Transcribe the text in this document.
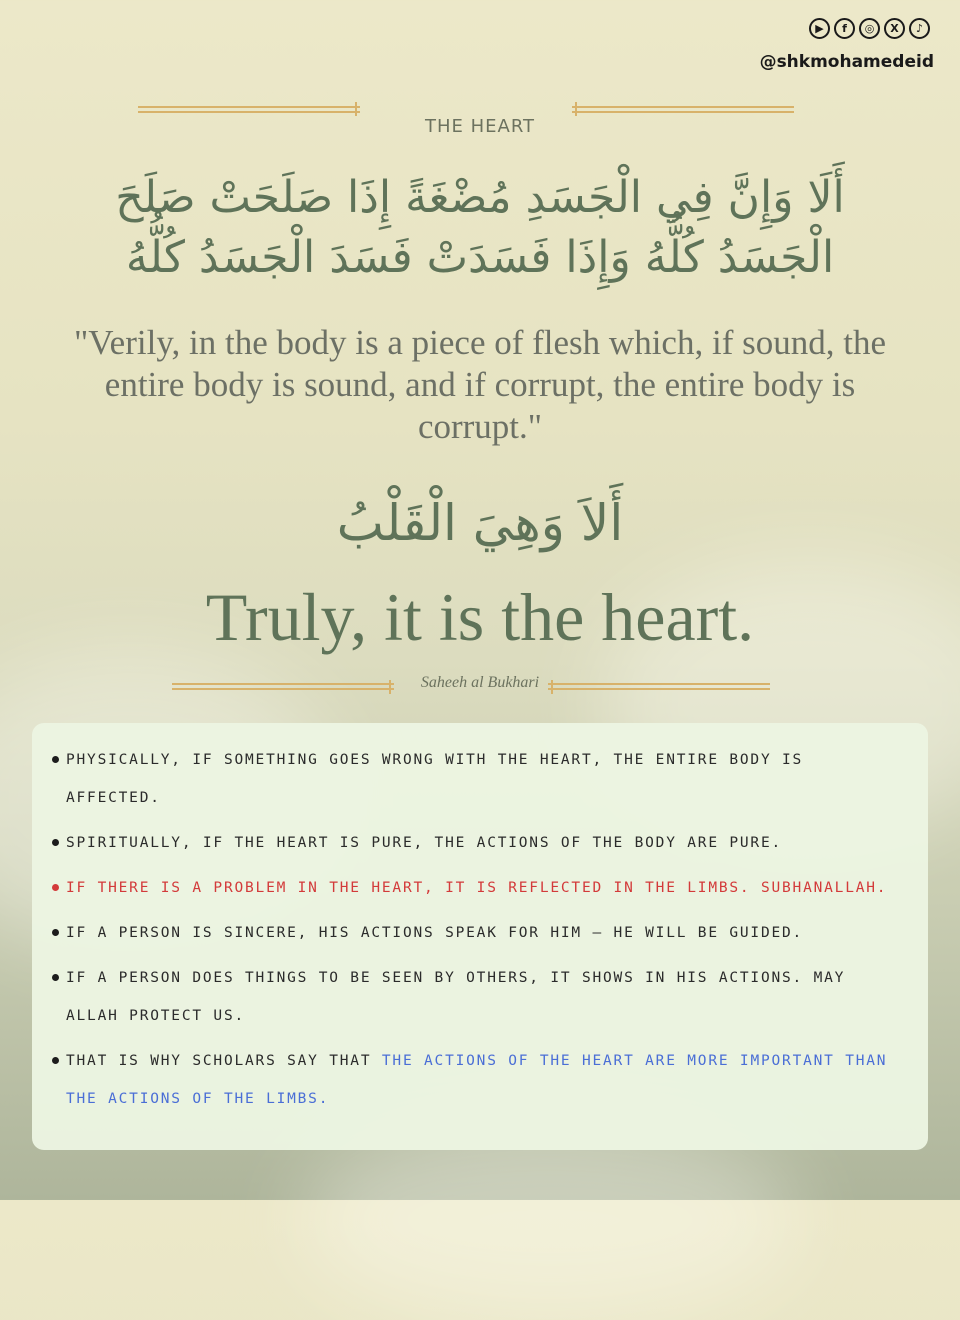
▶	f	◎	X	♪
@shkmohamedeid
THE HEART
أَلَا وَإِنَّ فِي الْجَسَدِ مُضْغَةً إِذَا صَلَحَتْ صَلَحَ الْجَسَدُ كُلُّهُ وَإِذَا فَسَدَتْ فَسَدَ الْجَسَدُ كُلُّهُ
"Verily, in the body is a piece of flesh which, if sound, the entire body is sound, and if corrupt, the entire body is corrupt."
أَلاَ وَهِيَ الْقَلْبُ
Truly, it is the heart.
Saheeh al Bukhari
PHYSICALLY, IF SOMETHING GOES WRONG WITH THE HEART, THE ENTIRE BODY IS AFFECTED.
SPIRITUALLY, IF THE HEART IS PURE, THE ACTIONS OF THE BODY ARE PURE.
IF THERE IS A PROBLEM IN THE HEART, IT IS REFLECTED IN THE LIMBS. SUBHANALLAH.
IF A PERSON IS SINCERE, HIS ACTIONS SPEAK FOR HIM — HE WILL BE GUIDED.
IF A PERSON DOES THINGS TO BE SEEN BY OTHERS, IT SHOWS IN HIS ACTIONS. MAY ALLAH PROTECT US.
THAT IS WHY SCHOLARS SAY THAT THE ACTIONS OF THE HEART ARE MORE IMPORTANT THAN THE ACTIONS OF THE LIMBS.
